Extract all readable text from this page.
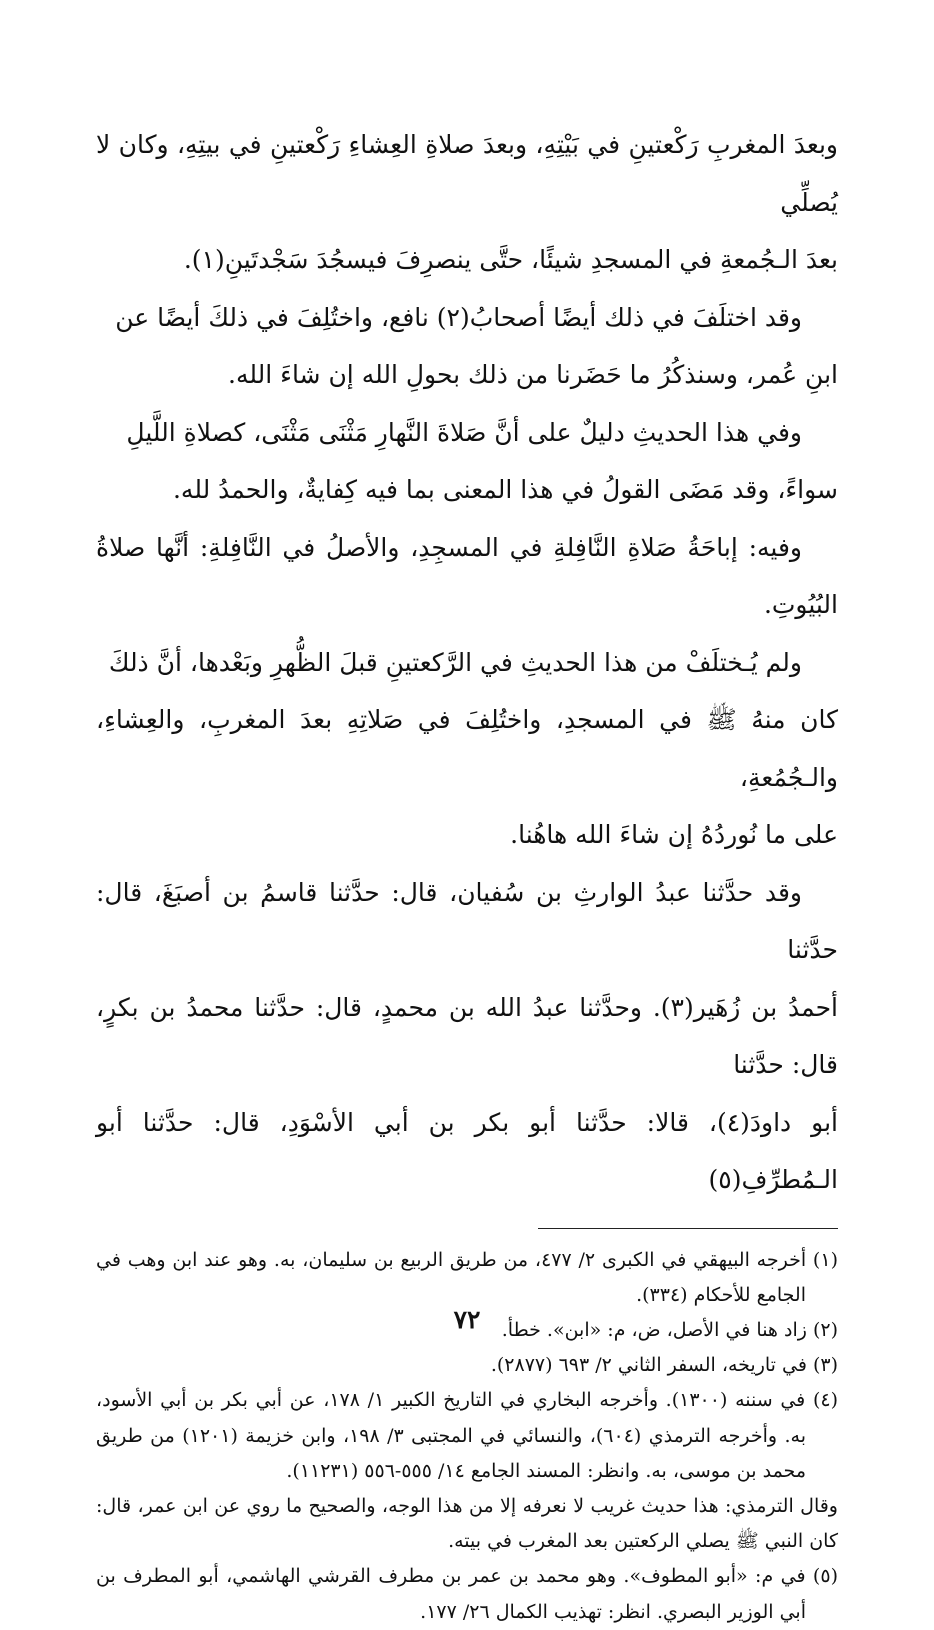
وبعدَ المغربِ رَكْعتينِ في بَيْتِهِ، وبعدَ صلاةِ العِشاءِ رَكْعتينِ في بيتِهِ، وكان لا يُصلِّي

بعدَ الـجُمعةِ في المسجدِ شيئًا، حتَّى ينصرِفَ فيسجُدَ سَجْدتَينِ(١).

وقد اختلَفَ في ذلك أيضًا أصحابُ(٢) نافع، واختُلِفَ في ذلكَ أيضًا عن

ابنِ عُمر، وسنذكُرُ ما حَضَرنا من ذلك بحولِ الله إن شاءَ الله.

وفي هذا الحديثِ دليلٌ على أنَّ صَلاةَ النَّهارِ مَثْنَى مَثْنَى، كصلاةِ اللَّيلِ

سواءً، وقد مَضَى القولُ في هذا المعنى بما فيه كِفايةٌ، والحمدُ لله.

وفيه: إباحَةُ صَلاةِ النَّافِلةِ في المسجِدِ، والأصلُ في النَّافِلةِ: أنَّها صلاةُ البُيُوتِ.

ولم يُـختلَفْ من هذا الحديثِ في الرَّكعتينِ قبلَ الظُّهرِ وبَعْدها، أنَّ ذلكَ

كان منهُ ﷺ في المسجدِ، واختُلِفَ في صَلاتِهِ بعدَ المغربِ، والعِشاءِ، والـجُمُعةِ،

على ما نُوردُهُ إن شاءَ الله هاهُنا.

وقد حدَّثنا عبدُ الوارثِ بن سُفيان، قال: حدَّثنا قاسمُ بن أصبَغَ، قال: حدَّثنا

أحمدُ بن زُهَير(٣). وحدَّثنا عبدُ الله بن محمدٍ، قال: حدَّثنا محمدُ بن بكرٍ، قال: حدَّثنا

أبو داودَ(٤)، قالا: حدَّثنا أبو بكر بن أبي الأسْوَدِ، قال: حدَّثنا أبو الـمُطرِّفِ(٥)

(١) أخرجه البيهقي في الكبرى ٢/ ٤٧٧، من طريق الربيع بن سليمان، به. وهو عند ابن وهب في الجامع للأحكام (٣٣٤).

(٢) زاد هنا في الأصل، ض، م: «ابن». خطأ.

(٣) في تاريخه، السفر الثاني ٢/ ٦٩٣ (٢٨٧٧).

(٤) في سننه (١٣٠٠). وأخرجه البخاري في التاريخ الكبير ١/ ١٧٨، عن أبي بكر بن أبي الأسود، به. وأخرجه الترمذي (٦٠٤)، والنسائي في المجتبى ٣/ ١٩٨، وابن خزيمة (١٢٠١) من طريق محمد بن موسى، به. وانظر: المسند الجامع ١٤/ ٥٥٥-٥٥٦ (١١٢٣١).

وقال الترمذي: هذا حديث غريب لا نعرفه إلا من هذا الوجه، والصحيح ما روي عن ابن عمر، قال: كان النبي ﷺ يصلي الركعتين بعد المغرب في بيته.

(٥) في م: «أبو المطوف». وهو محمد بن عمر بن مطرف القرشي الهاشمي، أبو المطرف بن أبي الوزير البصري. انظر: تهذيب الكمال ٢٦/ ١٧٧.

٧٢
